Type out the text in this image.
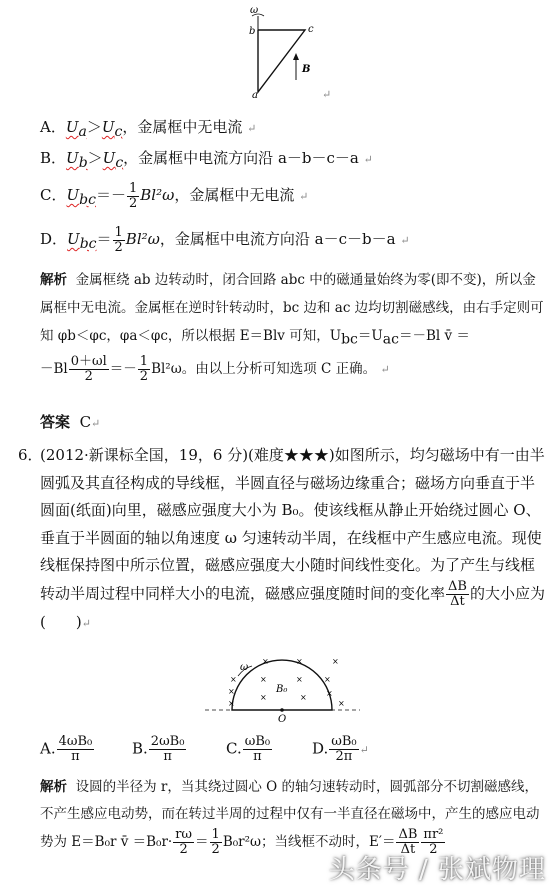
ω
b	c
a
B
↵
A．$U_a>U_c$，金属框中无电流 ↵
B．$U_b>U_c$，金属框中电流方向沿 a－b－c－a ↵
C．$U_{bc}=- \frac{1}{2} Bl^2\omega$，金属框中无电流 ↵
D．$U_{bc}= \frac{1}{2} Bl^2\omega$，金属框中电流方向沿 a－c－b－a ↵
解析 金属框绕 ab 边转动时，闭合回路 abc 中的磁通量始终为零(即不变)，所以金属框中无电流。金属框在逆时针转动时，bc 边和 ac 边均切割磁感线，由右手定则可知 φb＜φc，φa＜φc，所以根据 E＝Blv 可知，$U_{bc}=U_{ac}=-Bl$ v̄ ＝
$-Bl \frac{0+\omega l}{2} =- \frac{1}{2} Bl^2\omega$。由以上分析可知选项 C 正确。 ↵
答案 C↵
6．
(2012·新课标全国，19，6 分)(难度★★★)如图所示，均匀磁场中有一由半圆弧及其直径构成的导线框，半圆直径与磁场边缘重合；磁场方向垂直于半圆面(纸面)向里，磁感应强度大小为 B₀。使该线框从静止开始绕过圆心 O、垂直于半圆面的轴以角速度 ω 匀速转动半周，在线框中产生感应电流。现使线框保持图中所示位置，磁感应强度大小随时间线性变化。为了产生与线框转动半周过程中同样大小的电流，磁感应强度随时间的变化率 $\frac{\Delta B}{\Delta t}$ 的大小应为
(　　)↵
ω
×
×	×	×
×
×	×	×
×
×	× ×
×
B₀
O
A. $\frac{\text{4ωB₀}}{\pi}$	B. $\frac{\text{2ωB₀}}{\pi}$	C. $\frac{\text{ωB₀}}{\pi}$	D. $\frac{\text{ωB₀}}{2\pi}$ ↵
解析 设圆的半径为 r，当其绕过圆心 O 的轴匀速转动时，圆弧部分不切割磁感线，不产生感应电动势，而在转过半周的过程中仅有一半直径在磁场中，产生的感应电动势为 E＝B₀r v̄ $=B_0r\cdot \frac{r\omega}{2} = \frac{1}{2} B_0r^2\omega$；当线框不动时，$E'= \frac{\Delta B}{\Delta t} \frac{\text{πr²}}{2}$
头条号 / 张斌物理
